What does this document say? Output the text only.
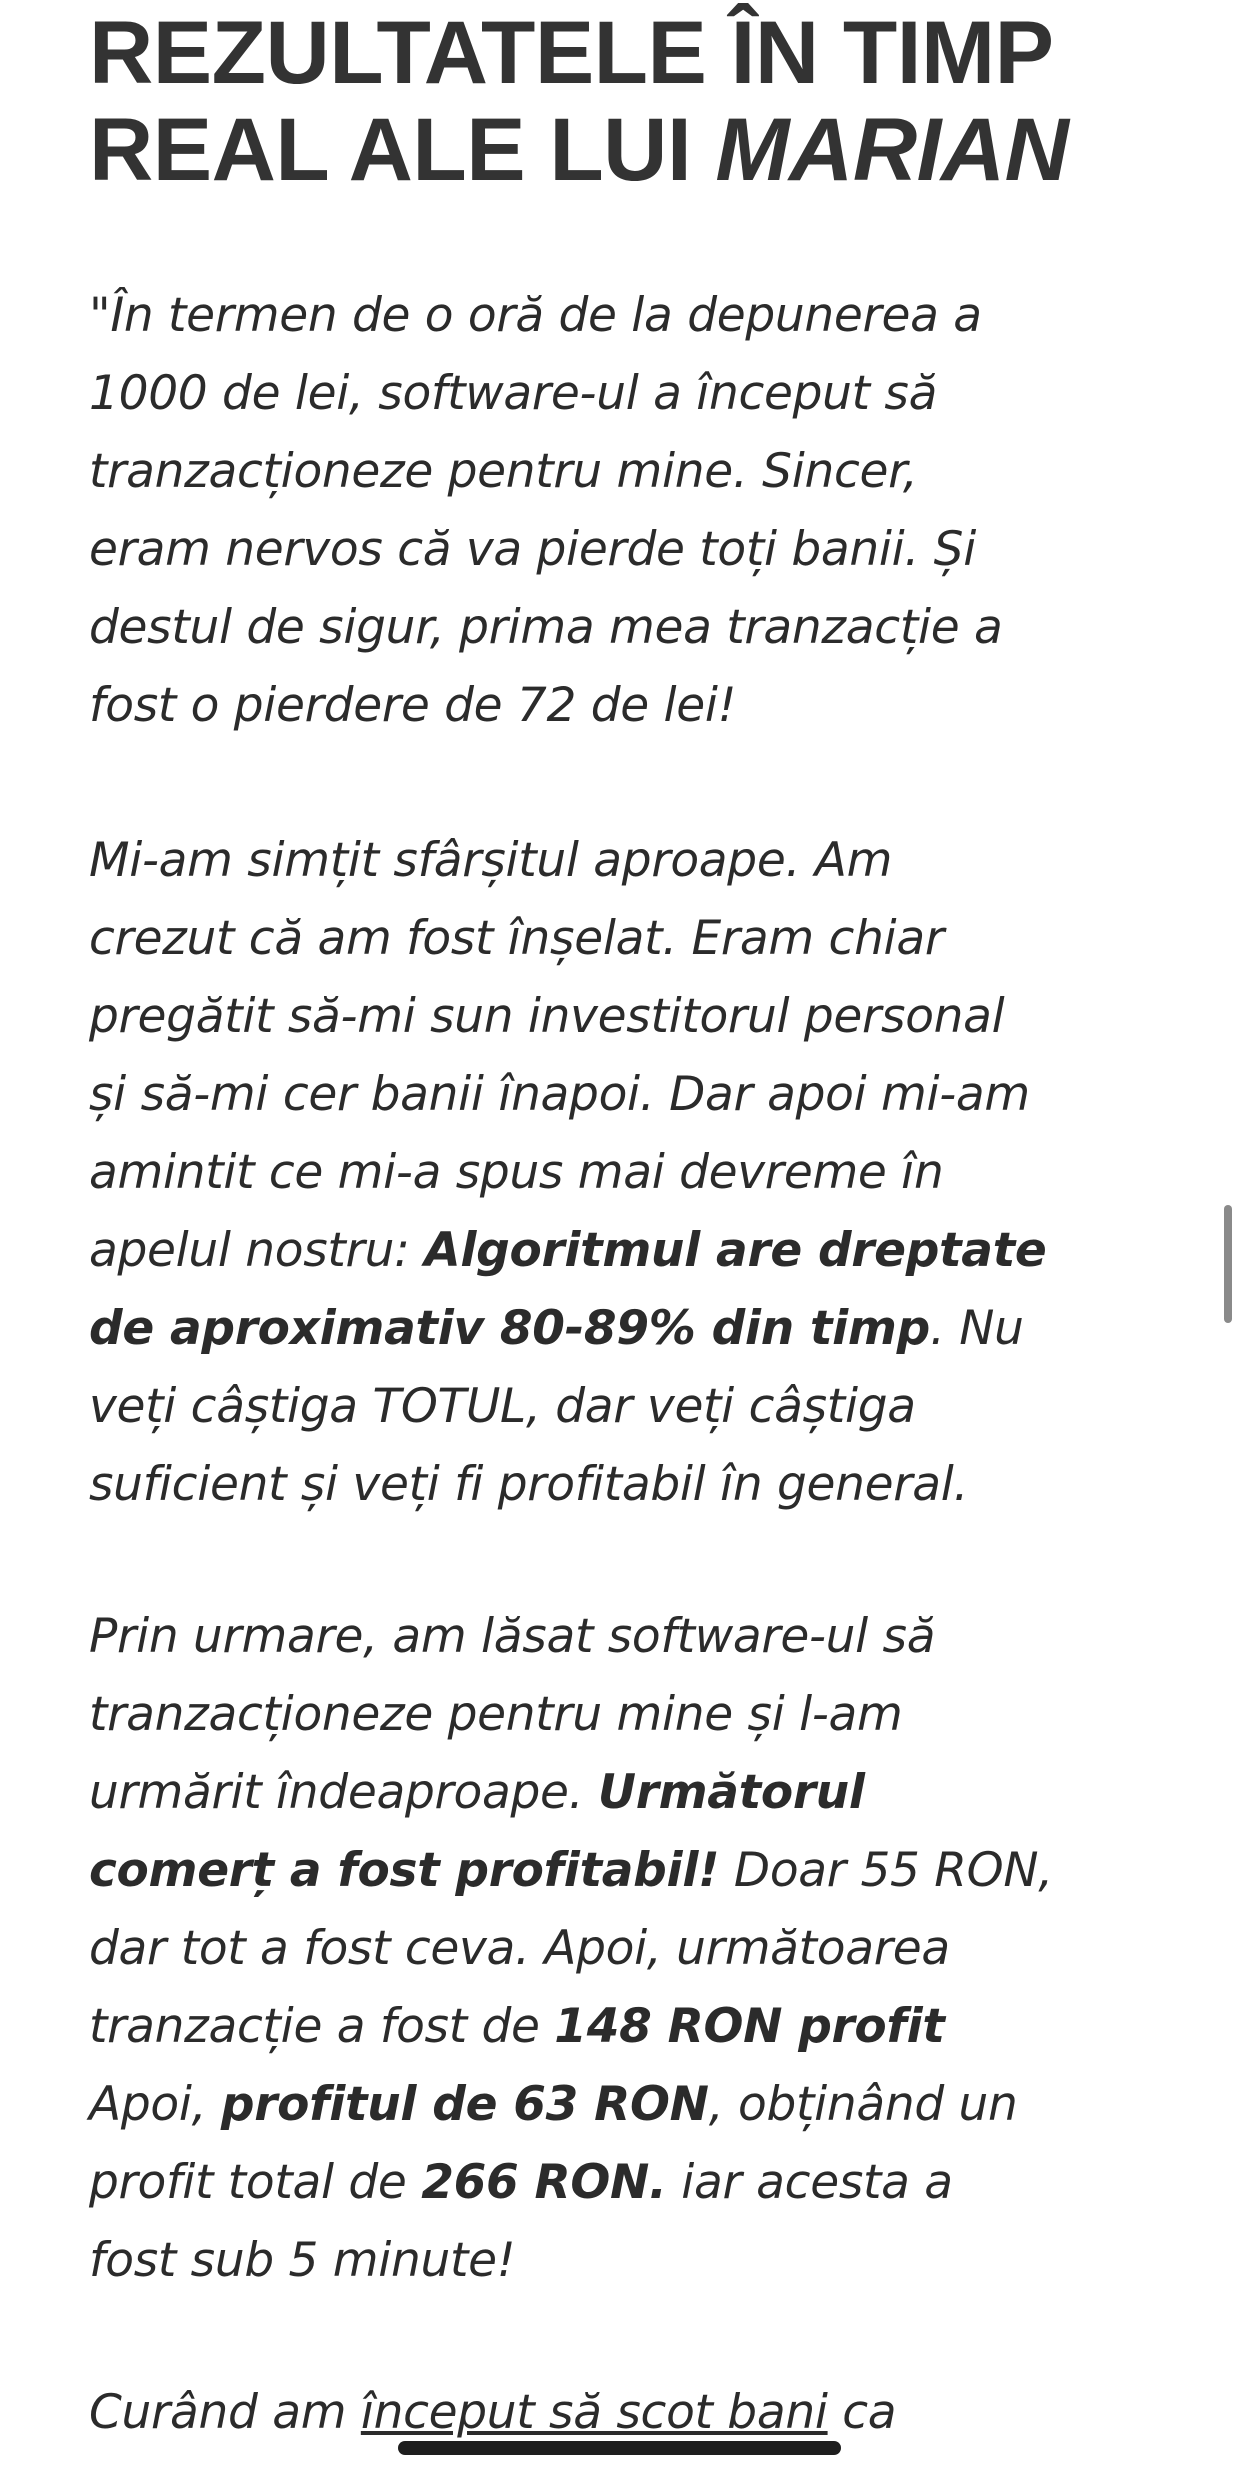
REZULTATELE ÎN TIMP
REAL ALE LUI MARIAN

"În termen de o oră de la depunerea a
1000 de lei, software-ul a început să
tranzacționeze pentru mine. Sincer,
eram nervos că va pierde toți banii. Și
destul de sigur, prima mea tranzacție a
fost o pierdere de 72 de lei!

Mi-am simțit sfârșitul aproape. Am
crezut că am fost înșelat. Eram chiar
pregătit să-mi sun investitorul personal
și să-mi cer banii înapoi. Dar apoi mi-am
amintit ce mi-a spus mai devreme în
apelul nostru: Algoritmul are dreptate
de aproximativ 80-89% din timp. Nu
veți câștiga TOTUL, dar veți câștiga
suficient și veți fi profitabil în general.

Prin urmare, am lăsat software-ul să
tranzacționeze pentru mine și l-am
urmărit îndeaproape. Următorul
comerț a fost profitabil! Doar 55 RON,
dar tot a fost ceva. Apoi, următoarea
tranzacție a fost de 148 RON profit
Apoi, profitul de 63 RON, obținând un
profit total de 266 RON. iar acesta a
fost sub 5 minute!

Curând am început să scot bani ca
